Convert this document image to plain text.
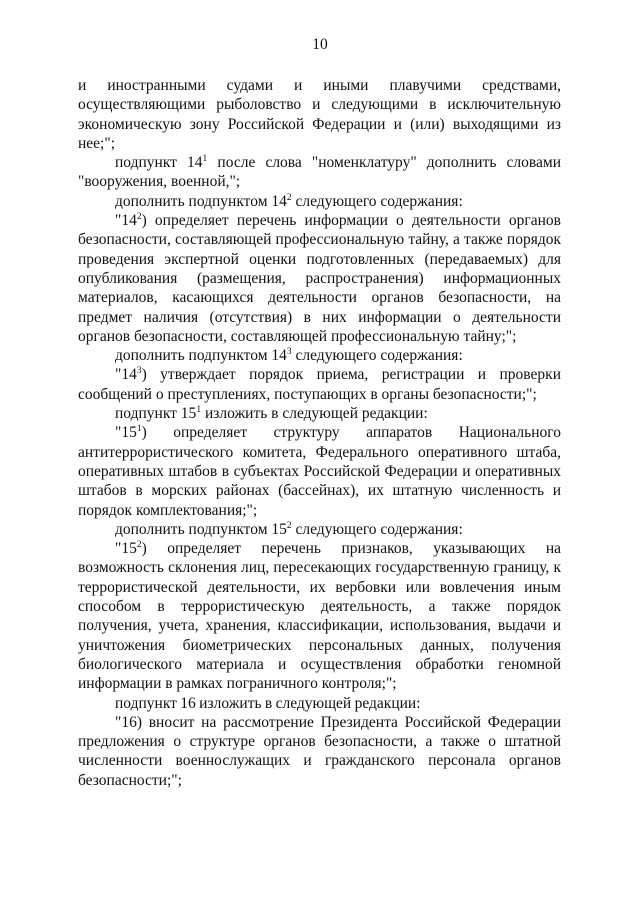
10

и иностранными судами и иными плавучими средствами, осуществляющими рыболовство и следующими в исключительную экономическую зону Российской Федерации и (или) выходящими из нее;";

подпункт $14^1$ после слова "номенклатуру" дополнить словами "вооружения, военной,";

дополнить подпунктом $14^2$ следующего содержания:

"$14^2$) определяет перечень информации о деятельности органов безопасности, составляющей профессиональную тайну, а также порядок проведения экспертной оценки подготовленных (передаваемых) для опубликования (размещения, распространения) информационных материалов, касающихся деятельности органов безопасности, на предмет наличия (отсутствия) в них информации о деятельности органов безопасности, составляющей профессиональную тайну;";

дополнить подпунктом $14^3$ следующего содержания:

"$14^3$) утверждает порядок приема, регистрации и проверки сообщений о преступлениях, поступающих в органы безопасности;";

подпункт $15^1$ изложить в следующей редакции:

"$15^1$) определяет структуру аппаратов Национального антитеррористического комитета, Федерального оперативного штаба, оперативных штабов в субъектах Российской Федерации и оперативных штабов в морских районах (бассейнах), их штатную численность и порядок комплектования;";

дополнить подпунктом $15^2$ следующего содержания:

"$15^2$) определяет перечень признаков, указывающих на возможность склонения лиц, пересекающих государственную границу, к террористической деятельности, их вербовки или вовлечения иным способом в террористическую деятельность, а также порядок получения, учета, хранения, классификации, использования, выдачи и уничтожения биометрических персональных данных, получения биологического материала и осуществления обработки геномной информации в рамках пограничного контроля;";

подпункт 16 изложить в следующей редакции:

"16) вносит на рассмотрение Президента Российской Федерации предложения о структуре органов безопасности, а также о штатной численности военнослужащих и гражданского персонала органов безопасности;";
